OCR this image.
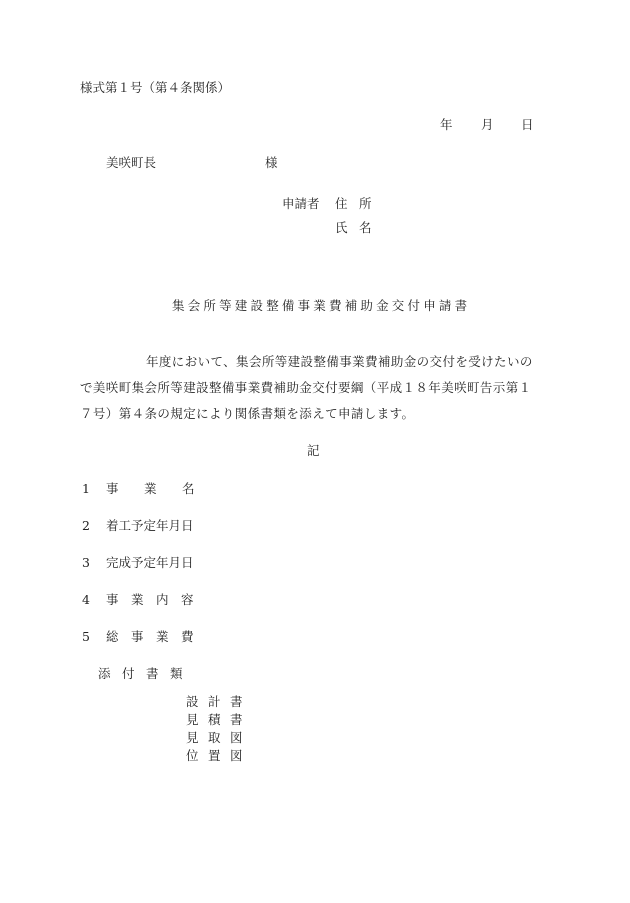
様式第１号（第４条関係）
年 月 日
美咲町長	様
申請者 住 所
氏 名
集会所等建設整備事業費補助金交付申請書
年度において、集会所等建設整備事業費補助金の交付を受けたいの
で美咲町集会所等建設整備事業費補助金交付要綱（平成１８年美咲町告示第１
７号）第４条の規定により関係書類を添えて申請します。
記
1 事 業 名
2 着工予定年月日
3 完成予定年月日
4 事 業 内 容
5 総 事 業 費
添 付 書 類
設 計 書
見 積 書
見 取 図
位 置 図
